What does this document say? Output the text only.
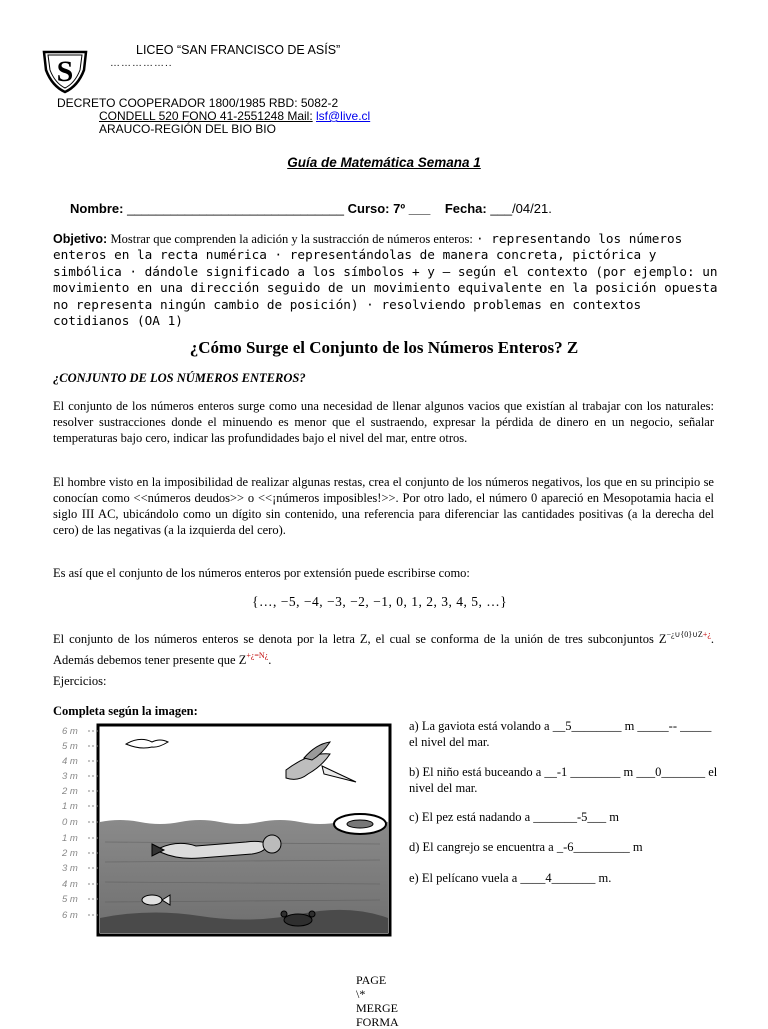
S
LICEO “SAN FRANCISCO DE ASÍS”
……………..
DECRETO COOPERADOR 1800/1985 RBD: 5082-2
CONDELL 520 FONO 41-2551248 Mail: lsf@live.cl
ARAUCO-REGIÓN DEL BIO BIO
Guía de Matemática Semana 1
Nombre: ______________________________ Curso: 7º ___ Fecha: ___/04/21.
Objetivo: Mostrar que comprenden la adición y la sustracción de números enteros: · representando los números enteros en la recta numérica · representándolas de manera concreta, pictórica y simbólica · dándole significado a los símbolos + y – según el contexto (por ejemplo: un movimiento en una dirección seguido de un movimiento equivalente en la posición opuesta no representa ningún cambio de posición) · resolviendo problemas en contextos cotidianos (OA 1)
¿Cómo Surge el Conjunto de los Números Enteros? Z
¿CONJUNTO DE LOS NÚMEROS ENTEROS?
El conjunto de los números enteros surge como una necesidad de llenar algunos vacios que existían al trabajar con los naturales: resolver sustracciones donde el minuendo es menor que el sustraendo, expresar la pérdida de dinero en un negocio, señalar temperaturas bajo cero, indicar las profundidades bajo el nivel del mar, entre otros.
El hombre visto en la imposibilidad de realizar algunas restas, crea el conjunto de los números negativos, los que en su principio se conocían como <<números deudos>> o <<¡números imposibles!>>. Por otro lado, el número 0 apareció en Mesopotamia hacia el siglo III AC, ubicándolo como un dígito sin contenido, una referencia para diferenciar las cantidades positivas (a la derecha del cero) de las negativas (a la izquierda del cero).
Es así que el conjunto de los números enteros por extensión puede escribirse como:
{…, −5, −4, −3, −2, −1, 0, 1, 2, 3, 4, 5, …}
El conjunto de los números enteros se denota por la letra Z, el cual se conforma de la unión de tres subconjuntos $Z^{-¿\cup\{0\}\cup Z+¿}$. Además debemos tener presente que $Z^{+¿=N¿}$.
Ejercicios:
Completa según la imagen:
6 m
5 m
4 m
3 m
2 m
1 m
0 m
1 m
2 m
3 m
4 m
5 m
6 m
a) La gaviota está volando a __5________ m _____-- _____ el nivel del mar.
b) El niño está buceando a __-1 ________ m ___0_______ el nivel del mar.
c) El pez está nadando a _______-5___ m
d) El cangrejo se encuentra a _-6_________ m
e) El pelícano vuela a ____4_______ m.
PAGE
\*
MERGE
FORMA
